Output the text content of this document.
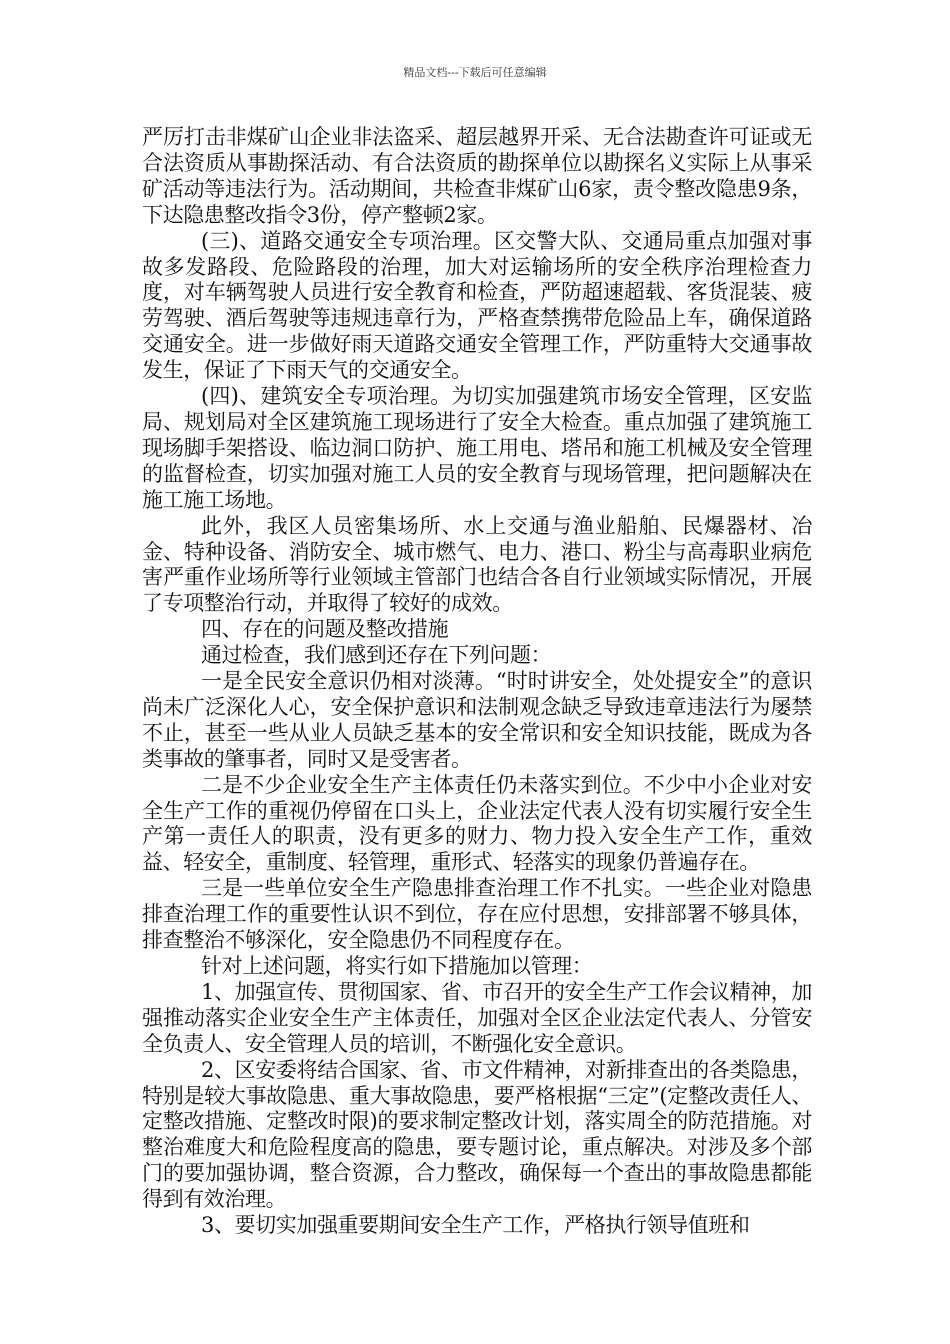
精品文档---下载后可任意编辑

严厉打击非煤矿山企业非法盗采、超层越界开采、无合法勘查许可证或无合法资质从事勘探活动、有合法资质的勘探单位以勘探名义实际上从事采矿活动等违法行为。活动期间，共检查非煤矿山6家，责令整改隐患9条，下达隐患整改指令3份，停产整顿2家。

(三)、道路交通安全专项治理。区交警大队、交通局重点加强对事故多发路段、危险路段的治理，加大对运输场所的安全秩序治理检查力度，对车辆驾驶人员进行安全教育和检查，严防超速超载、客货混装、疲劳驾驶、酒后驾驶等违规违章行为，严格查禁携带危险品上车，确保道路交通安全。进一步做好雨天道路交通安全管理工作，严防重特大交通事故发生，保证了下雨天气的交通安全。

(四)、建筑安全专项治理。为切实加强建筑市场安全管理，区安监局、规划局对全区建筑施工现场进行了安全大检查。重点加强了建筑施工现场脚手架搭设、临边洞口防护、施工用电、塔吊和施工机械及安全管理的监督检查，切实加强对施工人员的安全教育与现场管理，把问题解决在施工施工场地。

此外，我区人员密集场所、水上交通与渔业船舶、民爆器材、冶金、特种设备、消防安全、城市燃气、电力、港口、粉尘与高毒职业病危害严重作业场所等行业领域主管部门也结合各自行业领域实际情况，开展了专项整治行动，并取得了较好的成效。

四、存在的问题及整改措施

通过检查，我们感到还存在下列问题：

一是全民安全意识仍相对淡薄。“时时讲安全，处处提安全”的意识尚未广泛深化人心，安全保护意识和法制观念缺乏导致违章违法行为屡禁不止，甚至一些从业人员缺乏基本的安全常识和安全知识技能，既成为各类事故的肇事者，同时又是受害者。

二是不少企业安全生产主体责任仍未落实到位。不少中小企业对安全生产工作的重视仍停留在口头上，企业法定代表人没有切实履行安全生产第一责任人的职责，没有更多的财力、物力投入安全生产工作，重效益、轻安全，重制度、轻管理，重形式、轻落实的现象仍普遍存在。

三是一些单位安全生产隐患排查治理工作不扎实。一些企业对隐患排查治理工作的重要性认识不到位，存在应付思想，安排部署不够具体，排查整治不够深化，安全隐患仍不同程度存在。

针对上述问题，将实行如下措施加以管理：

1、加强宣传、贯彻国家、省、市召开的安全生产工作会议精神，加强推动落实企业安全生产主体责任，加强对全区企业法定代表人、分管安全负责人、安全管理人员的培训，不断强化安全意识。

2、区安委将结合国家、省、市文件精神，对新排查出的各类隐患，特别是较大事故隐患、重大事故隐患，要严格根据“三定”(定整改责任人、定整改措施、定整改时限)的要求制定整改计划，落实周全的防范措施。对整治难度大和危险程度高的隐患，要专题讨论，重点解决。对涉及多个部门的要加强协调，整合资源，合力整改，确保每一个查出的事故隐患都能得到有效治理。

3、要切实加强重要期间安全生产工作，严格执行领导值班和
